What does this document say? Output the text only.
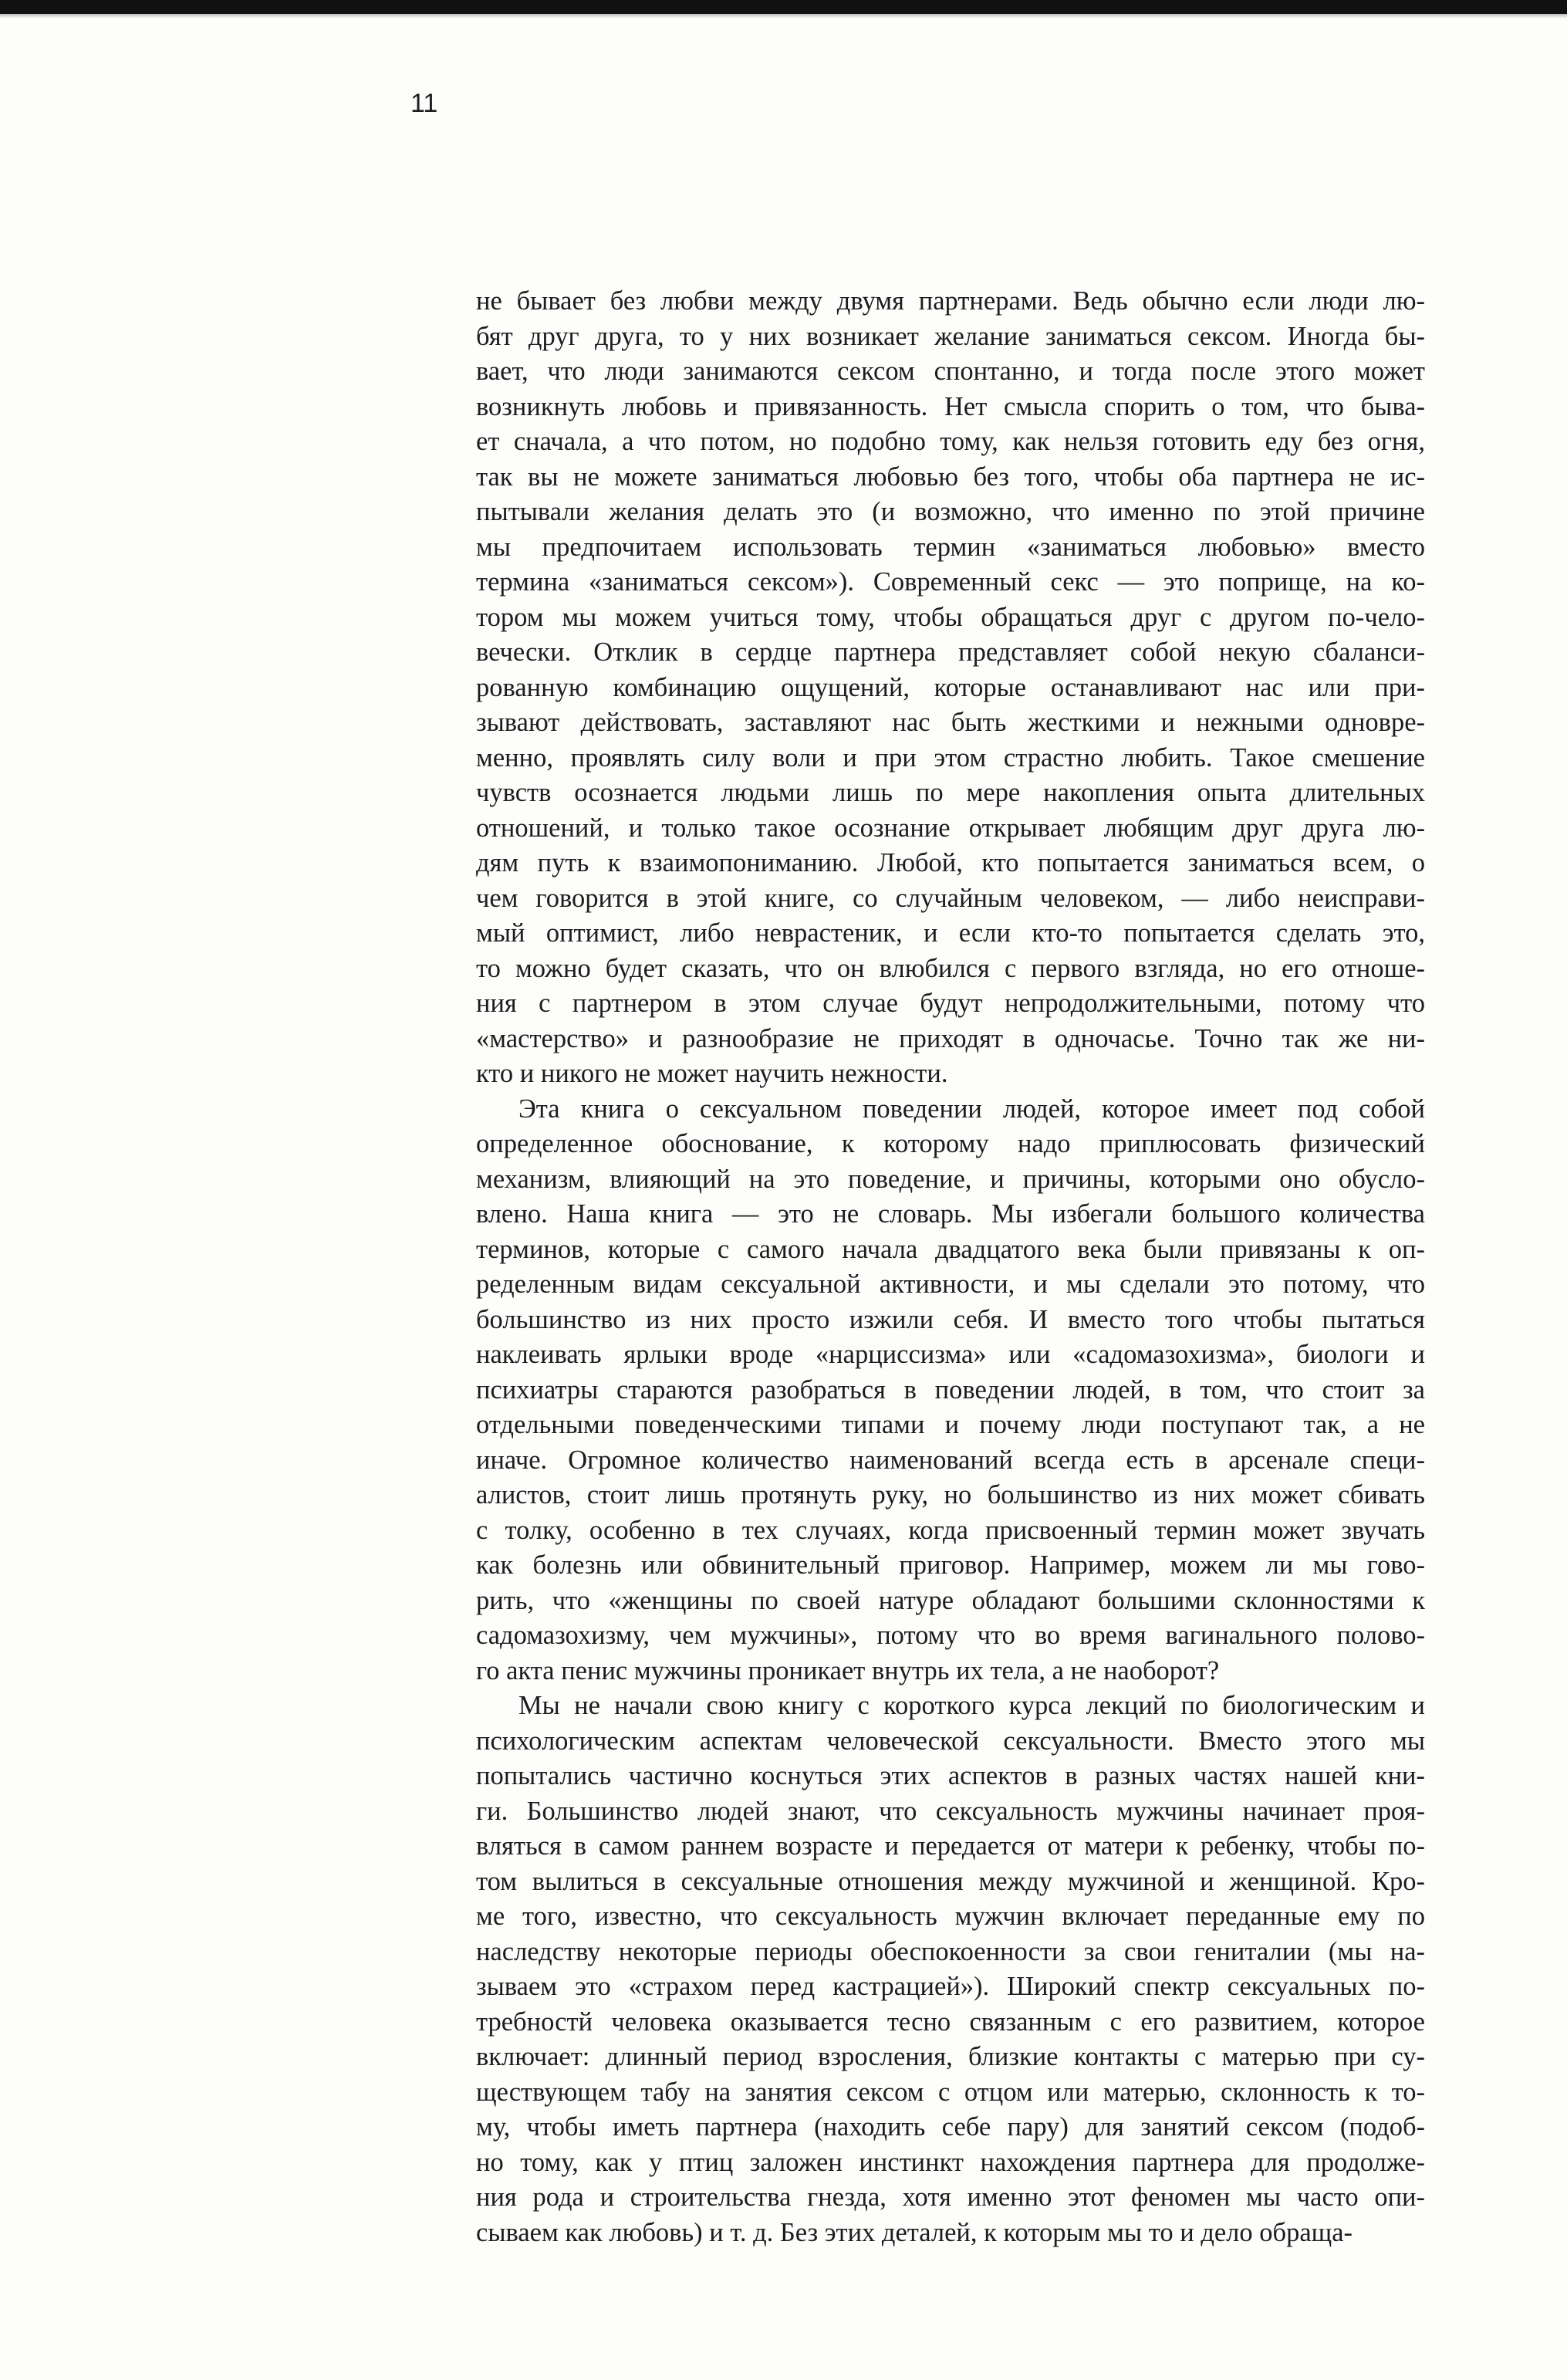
11
не бывает без любви между двумя партнерами. Ведь обычно если люди лю-
бят друг друга, то у них возникает желание заниматься сексом. Иногда бы-
вает, что люди занимаются сексом спонтанно, и тогда после этого может
возникнуть любовь и привязанность. Нет смысла спорить о том, что быва-
ет сначала, а что потом, но подобно тому, как нельзя готовить еду без огня,
так вы не можете заниматься любовью без того, чтобы оба партнера не ис-
пытывали желания делать это (и возможно, что именно по этой причине
мы предпочитаем использовать термин «заниматься любовью» вместо
термина «заниматься сексом»). Современный секс — это поприще, на ко-
тором мы можем учиться тому, чтобы обращаться друг с другом по-чело-
вечески. Отклик в сердце партнера представляет собой некую сбаланси-
рованную комбинацию ощущений, которые останавливают нас или при-
зывают действовать, заставляют нас быть жесткими и нежными одновре-
менно, проявлять силу воли и при этом страстно любить. Такое смешение
чувств осознается людьми лишь по мере накопления опыта длительных
отношений, и только такое осознание открывает любящим друг друга лю-
дям путь к взаимопониманию. Любой, кто попытается заниматься всем, о
чем говорится в этой книге, со случайным человеком, — либо неисправи-
мый оптимист, либо неврастеник, и если кто-то попытается сделать это,
то можно будет сказать, что он влюбился с первого взгляда, но его отноше-
ния с партнером в этом случае будут непродолжительными, потому что
«мастерство» и разнообразие не приходят в одночасье. Точно так же ни-
кто и никого не может научить нежности.
Эта книга о сексуальном поведении людей, которое имеет под собой
определенное обоснование, к которому надо приплюсовать физический
механизм, влияющий на это поведение, и причины, которыми оно обусло-
влено. Наша книга — это не словарь. Мы избегали большого количества
терминов, которые с самого начала двадцатого века были привязаны к оп-
ределенным видам сексуальной активности, и мы сделали это потому, что
большинство из них просто изжили себя. И вместо того чтобы пытаться
наклеивать ярлыки вроде «нарциссизма» или «садомазохизма», биологи и
психиатры стараются разобраться в поведении людей, в том, что стоит за
отдельными поведенческими типами и почему люди поступают так, а не
иначе. Огромное количество наименований всегда есть в арсенале специ-
алистов, стоит лишь протянуть руку, но большинство из них может сбивать
с толку, особенно в тех случаях, когда присвоенный термин может звучать
как болезнь или обвинительный приговор. Например, можем ли мы гово-
рить, что «женщины по своей натуре обладают большими склонностями к
садомазохизму, чем мужчины», потому что во время вагинального полово-
го акта пенис мужчины проникает внутрь их тела, а не наоборот?
Мы не начали свою книгу с короткого курса лекций по биологическим и
психологическим аспектам человеческой сексуальности. Вместо этого мы
попытались частично коснуться этих аспектов в разных частях нашей кни-
ги. Большинство людей знают, что сексуальность мужчины начинает проя-
вляться в самом раннем возрасте и передается от матери к ребенку, чтобы по-
том вылиться в сексуальные отношения между мужчиной и женщиной. Кро-
ме того, известно, что сексуальность мужчин включает переданные ему по
наследству некоторые периоды обеспокоенности за свои гениталии (мы на-
зываем это «страхом перед кастрацией»). Широкий спектр сексуальных по-
требностй человека оказывается тесно связанным с его развитием, которое
включает: длинный период взросления, близкие контакты с матерью при су-
ществующем табу на занятия сексом с отцом или матерью, склонность к то-
му, чтобы иметь партнера (находить себе пару) для занятий сексом (подоб-
но тому, как у птиц заложен инстинкт нахождения партнера для продолже-
ния рода и строительства гнезда, хотя именно этот феномен мы часто опи-
сываем как любовь) и т. д. Без этих деталей, к которым мы то и дело обраща-
